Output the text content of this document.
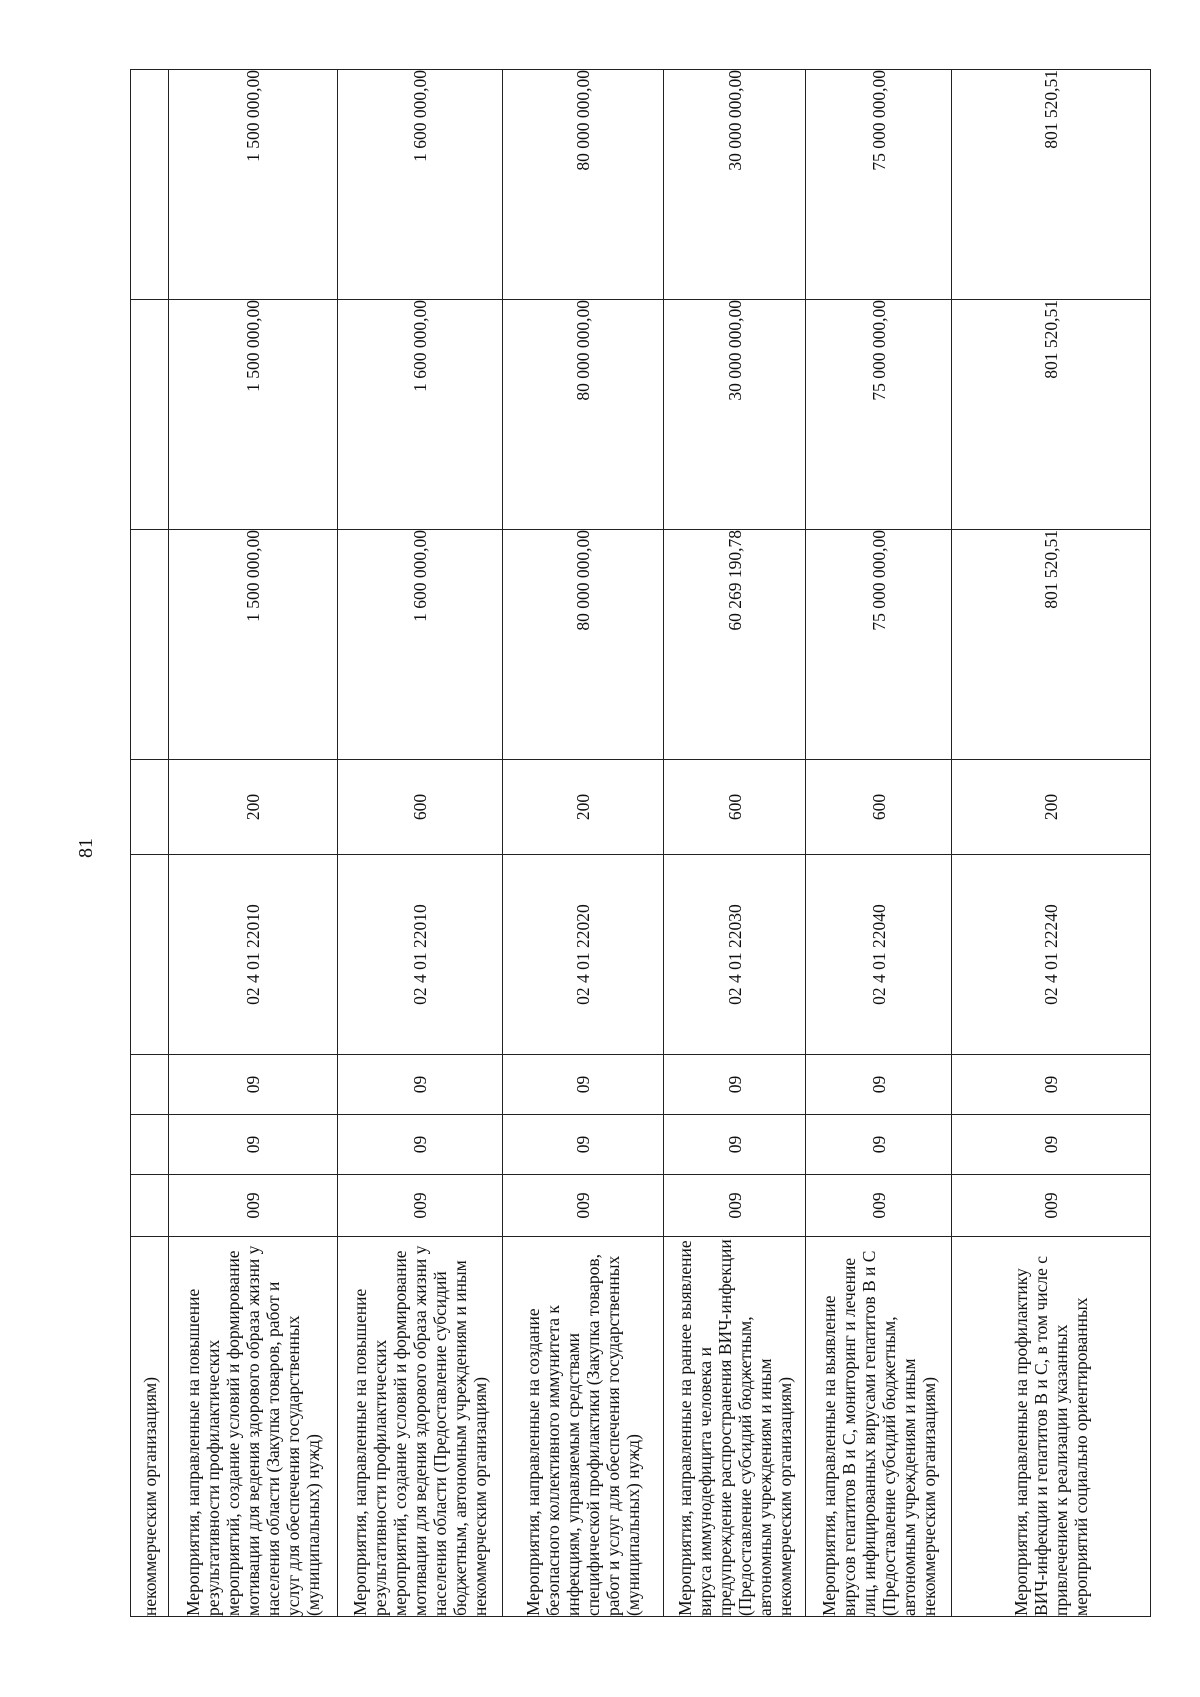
81
некоммерческим организациям)								
Мероприятия, направленные на повышение результативности профилактических мероприятий, создание условий и формирование мотивации для ведения здорового образа жизни у населения области (Закупка товаров, работ и услуг для обеспечения государственных (муниципальных) нужд)	009	09	09	02 4 01 22010	200	1 500 000,00	1 500 000,00	1 500 000,00
Мероприятия, направленные на повышение результативности профилактических мероприятий, создание условий и формирование мотивации для ведения здорового образа жизни у населения области (Предоставление субсидий бюджетным, автономным учреждениям и иным некоммерческим организациям)	009	09	09	02 4 01 22010	600	1 600 000,00	1 600 000,00	1 600 000,00
Мероприятия, направленные на создание безопасного коллективного иммунитета к инфекциям, управляемым средствами специфической профилактики (Закупка товаров, работ и услуг для обеспечения государственных (муниципальных) нужд)	009	09	09	02 4 01 22020	200	80 000 000,00	80 000 000,00	80 000 000,00
Мероприятия, направленные на раннее выявление вируса иммунодефицита человека и предупреждение распространения ВИЧ-инфекции (Предоставление субсидий бюджетным, автономным учреждениям и иным некоммерческим организациям)	009	09	09	02 4 01 22030	600	60 269 190,78	30 000 000,00	30 000 000,00
Мероприятия, направленные на выявление вирусов гепатитов В и С, мониторинг и лечение лиц, инфицированных вирусами гепатитов В и С (Предоставление субсидий бюджетным, автономным учреждениям и иным некоммерческим организациям)	009	09	09	02 4 01 22040	600	75 000 000,00	75 000 000,00	75 000 000,00
Мероприятия, направленные на профилактику ВИЧ-инфекции и гепатитов В и С, в том числе с привлечением к реализации указанных мероприятий социально ориентированных	009	09	09	02 4 01 22240	200	801 520,51	801 520,51	801 520,51
